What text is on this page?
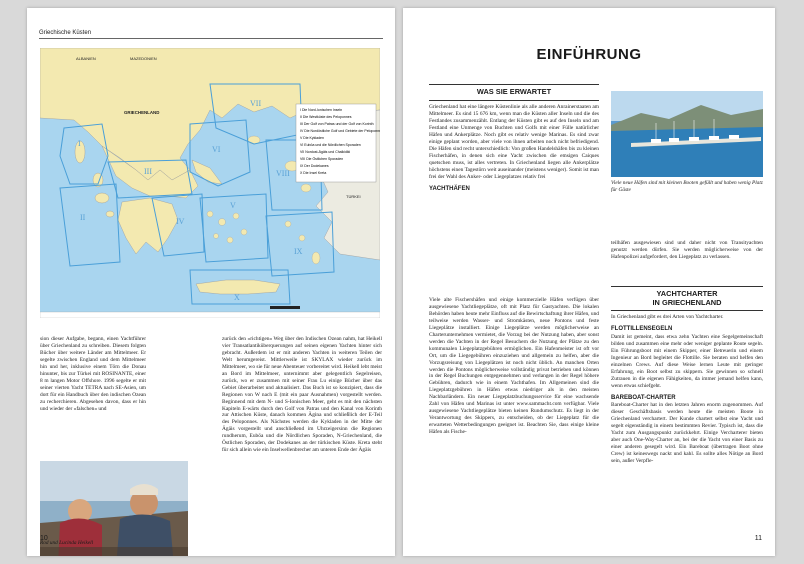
Griechische Küsten
ALBANIEN	MAZEDONIEN
GRIECHENLAND
TÜRKEI
I
II
III
IV
V
VI
VII
VIII
IX
X
I Die Nord-Ionischen Inseln
II Die Westküste des Peloponnes
III Der Golf von Patras und der Golf von Korinth
IV Die Nordöstliche Golf und Gebiete der Peloponnes
V Die Kykladen
VI Euböa und die Nördlichen Sporaden
VII Nordost-Ägäis und Chalkidiki
VIII Die Östlichen Sporaden
IX Der Dodekanes
X Die Insel Kreta

sion dieser Aufgabe, begann, einen Yachtführer über Griechenland zu schreiben. Diesem folgten Bücher über weitere Länder am Mittelmeer. Er segelte zwischen England und dem Mittelmeer hin und her, inklusive einem Törn die Donau hinunter, bis zur Türkei mit ROSINANTE, einer 8 m langen Motor Offshore. 1996 segelte er mit seiner vierten Yacht TETRA nach SE-Asien, um dort für ein Handbuch über den indischen Ozean zu recherchieren. Abgesehen davon, dass er hin und wieder der »falschen« und

Rod und Lucinda Heikell

zurück den »richtigen« Weg über den Indischen Ozean nahm, hat Heikell vier Transatlantiküberquerungen auf seinen eigenen Yachten hinter sich gebracht. Außerdem ist er mit anderen Yachten in weiteren Teilen der Welt herumgereist. Mittlerweile ist SKYLAX wieder zurück im Mittelmeer, wo sie für neue Abenteuer vorbereitet wird. Heikell lebt meist an Bord im Mittelmeer, unternimmt aber gelegentlich Segelreisen, zurück, wo er zusammen mit seiner Frau Lu einige Bücher über das Gebiet überarbeitet und aktualisiert. Das Buch ist so konzipiert, dass die Regionen von W nach E (mit ein paar Ausnahmen) vorgestellt werden. Beginnend mit dem N- und S-Ionischen Meer, geht es mit den nächsten Kapiteln E-wärts durch den Golf von Patras und den Kanal von Korinth zur Attischen Küste, danach kommen Ägina und schließlich der E-Teil des Peloponnes. Als Nächstes werden die Kykladen in der Mitte der Ägäis vorgestellt und anschließend im Uhrzeigersinn die Regionen rundherum, Euböa und die Nördlichen Sporaden, N-Griechenland, die Östlichen Sporaden, der Dodekanes an der türkischen Küste. Kreta steht für sich allein wie ein Inselwellenbrecher am unteren Ende der Ägäis

10
EINFÜHRUNG
WAS SIE ERWARTET

Griechenland hat eine längere Küstenlinie als alle anderen Anrainerstaaten am Mittelmeer. Es sind 15 676 km, wenn man die Küsten aller Inseln und die des Festlandes zusammenzählt. Entlang der Küsten gibt es auf den Inseln und am Festland eine Unmenge von Buchten und Golfs mit einer Fülle natürlicher Häfen und Ankerplätze. Noch gibt es relativ wenige Marinas. Es sind zwar einige geplant worden, aber viele von ihnen arbeiten noch nicht befriedigend. Die Häfen sind recht unterschiedlich: Von großen Handelshäfen bis zu kleinen Fischerhäfen, in denen sich eine Yacht zwischen die emsigen Caiques quetschen muss, ist alles vertreten. In Griechenland liegen alle Ankerplätze höchstens einen Tagestörn weit auseinander (meistens weniger). Somit ist man frei der Wahl des Anker- oder Liegeplatzes relativ frei

YACHTHÄFEN

Viele alte Fischershäfen und einige kommerzielle Häfen verfügen über ausgewiesene Yachtliegeplätze, oft mit Platz für Gastyachten. Die lokalen Behörden haben heute mehr Einfluss auf die Bewirtschaftung ihrer Häfen, und teilweise werden Wasser- und Stromkästen, neue Pontons und feste Liegeplätze installiert. Einige Liegeplätze werden möglicherweise an Charterunternehmen vermietet, die Vorzug bei der Nutzung haben, aber sonst werden die Yachten in der Regel Besuchern die Nutzung der Plätze zu den kommunalen Liegeplatzgebühren ermöglichen. Ein Hafenmeister ist oft vor Ort, um die Liegegebühren einzuziehen und allgemein zu helfen, aber die Vorzugsreisung von Liegeplätzen ist noch nicht üblich. An manchen Orten werden die Pontons möglicherweise vollständig privat betrieben und können in der Regel Buchungen entgegennehmen und verlangen in der Regel höhere Gebühren, dadurch wie in einem Yachthafen. Im Allgemeinen sind die Liegeplatzgebühren in Häfen etwas niedriger als in den meisten Nachbarländern. Ein neuer Liegeplatzbuchungsservice für eine wachsende Zahl von Häfen und Marinas ist unter www.sammacht.com verfügbar. Viele ausgewiesene Yachtliegeplätze bieten keinen Rundumschutz. Es liegt in der Verantwortung des Skippers, zu entscheiden, ob der Liegeplatz für die erwarteten Wetterbedingungen geeignet ist. Beachten Sie, dass einige kleine Häfen als Fische-

Viele neue Häfen sind mit kleinen Booten gefüllt und haben wenig Platz für Gäste

teilhäfen ausgewiesen sind und daher nicht von Transityachten genutzt werden dürfen. Sie werden möglicherweise von der Hafenpolizei aufgefordert, den Liegeplatz zu verlassen.

YACHTCHARTER
IN GRIECHENLAND

In Griechenland gibt es drei Arten von Yachtcharter.

FLOTTILLENSEGELN

Damit ist gemeint, dass etwa zehn Yachten eine Segelgemeinschaft bilden und zusammen eine mehr oder weniger geplante Route segeln. Ein Führungsboot mit einem Skipper, einer Betreuerin und einem Ingenieur an Bord begleitet die Flottille. Sie beraten und helfen den einzelnen Crews. Auf diese Weise lernen Leute mit geringer Erfahrung, ein Boot selbst zu skippern. Sie gewinnen so schnell Zutrauen in die eigenen Fähigkeiten, da immer jemand helfen kann, wenn etwas schiefgeht.

BAREBOAT-CHARTER

Bareboat-Charter hat in den letzten Jahren enorm zugenommen. Auf dieser Geschäftsbasis werden heute die meisten Boote in Griechenland verchartert. Der Kunde chartert selbst eine Yacht und segelt eigenständig in einem bestimmten Revier. Typisch ist, dass die Yacht zum Ausgangspunkt zurückkehrt. Einige Vercharterer bieten aber auch One-Way-Charter an, bei der die Yacht von einer Basis zu einer anderen gesegelt wird. Ein Bareboat (übertragen Boot ohne Crew) ist keineswegs nackt und kahl. Es sollte alles Nötige an Bord sein, außer Verpfle-

11
